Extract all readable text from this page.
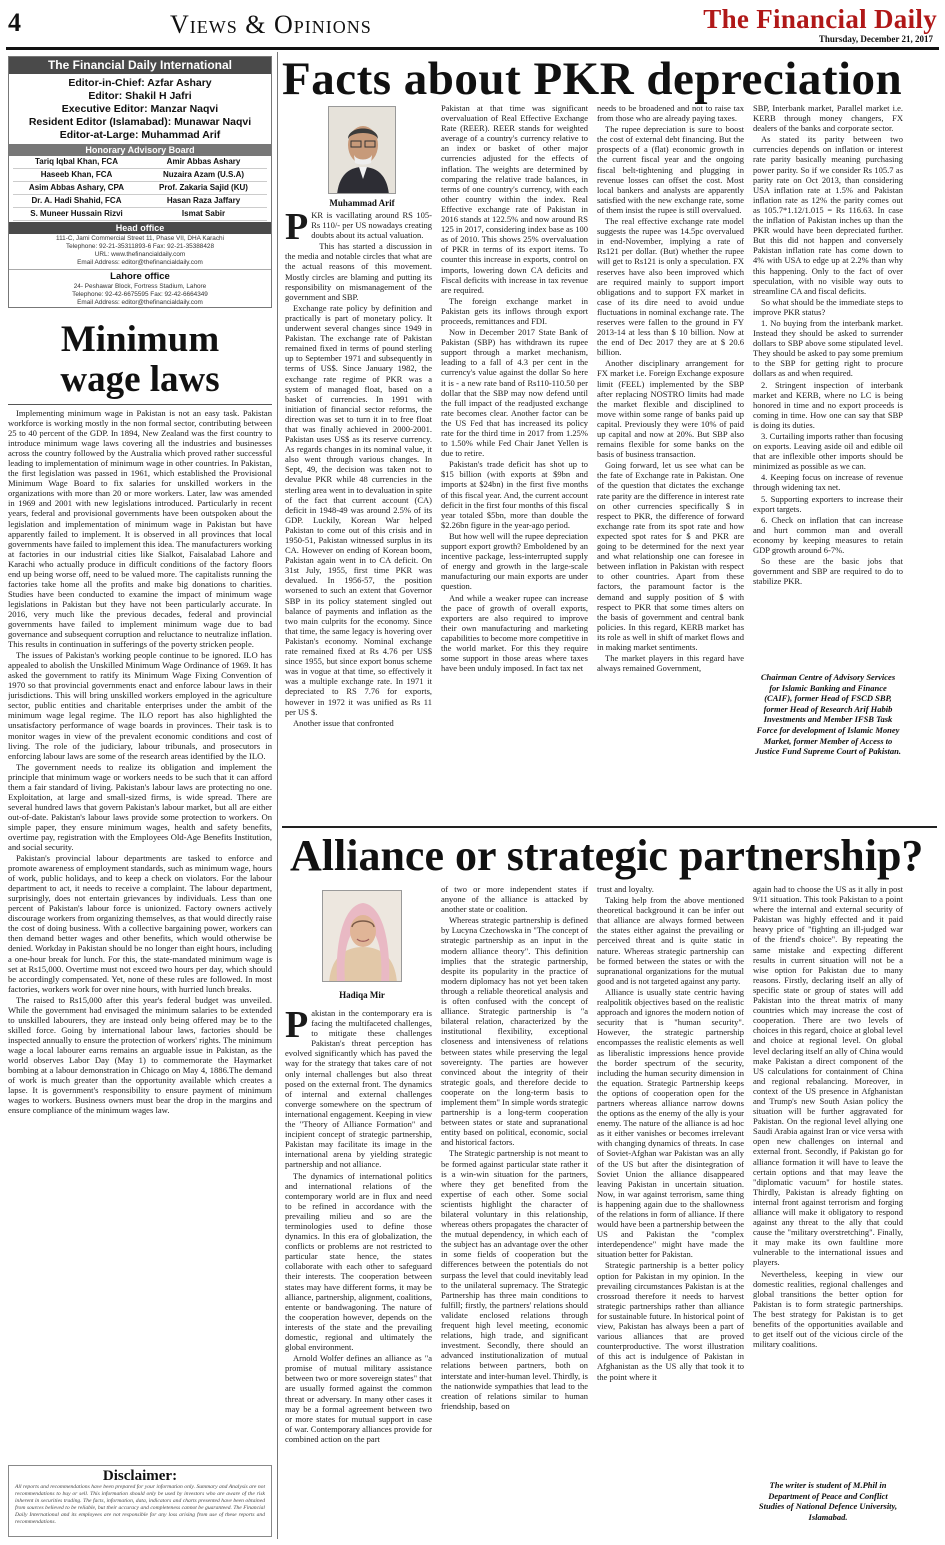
4	Views & Opinions	The Financial Daily
Thursday, December 21, 2017
The Financial Daily International
Editor-in-Chief: Azfar Ashary
Editor: Shakil H Jafri
Executive Editor: Manzar Naqvi
Resident Editor (Islamabad): Munawar Naqvi
Editor-at-Large: Muhammad Arif
Honorary Advisory Board
Tariq Iqbal Khan, FCA	Amir Abbas Ashary
Haseeb Khan, FCA	Nuzaira Azam (U.S.A)
Asim Abbas Ashary, CPA	Prof. Zakaria Sajid (KU)
Dr. A. Hadi Shahid, FCA	Hasan Raza Jaffary
S. Muneer Hussain Rizvi	Ismat Sabir
Head office
111-C, Jami Commercial Street 11, Phase VII, DHA Karachi
Telephone: 92-21-35311893-6 Fax: 92-21-35388428
URL: www.thefinancialdaily.com
Email Address: editor@thefinancialdaily.com
Lahore office
24- Peshawar Block, Fortress Stadium, Lahore
Telephone: 92-42-6675595 Fax: 92-42-6664349
Email Address: editor@thefinancialdaily.com
Minimum
wage laws

Implementing minimum wage in Pakistan is not an easy task. Pakistan workforce is working mostly in the non formal sector, contributing between 25 to 40 percent of the GDP. In 1894, New Zealand was the first country to introduce minimum wage laws covering all the industries and businesses across the country followed by the Australia which proved rather successful leading to implementation of minimum wage in other countries. In Pakistan, the first legislation was passed in 1961, which established the Provisional Minimum Wage Board to fix salaries for unskilled workers in the organizations with more than 20 or more workers. Later, law was amended in 1969 and 2001 with new legislations introduced. Particularly in recent years, federal and provisional governments have been outspoken about the legislation and implementation of minimum wage in Pakistan but have apparently failed to implement. It is observed in all provinces that local governments have failed to implement this idea. The manufacturers working at factories in our industrial cities like Sialkot, Faisalabad Lahore and Karachi who actually produce in difficult conditions of the factory floors end up being worse off, need to be valued more. The capitalists running the factories take home all the profits and make big donations to charities. Studies have been conducted to examine the impact of minimum wage legislations in Pakistan but they have not been particularly accurate. In 2016, very much like the previous decades, federal and provincial governments have failed to implement minimum wage due to bad governance and subsequent corruption and reluctance to neutralize inflation. This results in continuation in sufferings of the poverty stricken people.

The issues of Pakistan's working people continue to be ignored. ILO has appealed to abolish the Unskilled Minimum Wage Ordinance of 1969. It has asked the government to ratify its Minimum Wage Fixing Convention of 1970 so that provincial governments enact and enforce labour laws in their jurisdictions. This will bring unskilled workers employed in the agriculture sector, public entities and charitable enterprises under the ambit of the minimum wage legal regime. The ILO report has also highlighted the unsatisfactory performance of wage boards in provinces. Their task is to monitor wages in view of the prevalent economic conditions and cost of living. The role of the judiciary, labour tribunals, and prosecutors in enforcing labour laws are some of the research areas identified by the ILO.

The government needs to realize its obligation and implement the principle that minimum wage or workers needs to be such that it can afford them a fair standard of living. Pakistan's labour laws are protecting no one. Exploitation, at large and small-sized firms, is wide spread. There are several hundred laws that govern Pakistan's labour market, but all are either out-of-date. Pakistan's labour laws provide some protection to workers. On simple paper, they ensure minimum wages, health and safety benefits, overtime pay, registration with the Employees Old-Age Benefits Institution, and social security.

Pakistan's provincial labour departments are tasked to enforce and promote awareness of employment standards, such as minimum wage, hours of work, public holidays, and to keep a check on violators. For the labour department to act, it needs to receive a complaint. The labour department, surprisingly, does not entertain grievances by individuals. Less than one percent of Pakistan's labour force is unionized. Factory owners actively discourage workers from organizing themselves, as that would directly raise the cost of doing business. With a collective bargaining power, workers can then demand better wages and other benefits, which would otherwise be denied. Workday in Pakistan should be no longer than eight hours, including a one-hour break for lunch. For this, the state-mandated minimum wage is set at Rs15,000. Overtime must not exceed two hours per day, which should be accordingly compensated. Yet, none of these rules are followed. In most factories, workers work for over nine hours, with hurried lunch breaks.

The raised to Rs15,000 after this year's federal budget was unveiled. While the government had envisaged the minimum salaries to be extended to unskilled labourers, they are instead only being offered may be to the skilled force. Going by international labour laws, factories should be inspected annually to ensure the protection of workers' rights. The minimum wage a local labourer earns remains an arguable issue in Pakistan, as the world observes Labor Day (May 1) to commemorate the Haymarket bombing at a labour demonstration in Chicago on May 4, 1886.The demand of work is much greater than the opportunity available which creates a lapse. It is government's responsibility to ensure payment of minimum wages to workers. Business owners must bear the drop in the margins and ensure compliance of the minimum wages law.

Disclaimer:
All reports and recommendations have been prepared for your information only. Summary and Analysis are not recommendations to buy or sell. This information should only be used by investors who are aware of the risk inherent in securities trading. The facts, information, data, indicators and charts presented have been obtained from sources believed to be reliable, but their accuracy and completeness cannot be guaranteed. The Financial Daily International and its employees are not responsible for any loss arising from use of these reports and recommendations.
Facts about PKR depreciation
Muhammad Arif

PKR is vacillating around RS 105-Rs 110/- per US nowadays creating doubts about its actual valuation.

This has started a discussion in the media and notable circles that what are the actual reasons of this movement. Mostly circles are blaming and putting its responsibility on mismanagement of the government and SBP.

Exchange rate policy by definition and practically is part of monetary policy. It underwent several changes since 1949 in Pakistan. The exchange rate of Pakistan remained fixed in terms of pound sterling up to September 1971 and subsequently in terms of US$. Since January 1982, the exchange rate regime of PKR was a system of managed float, based on a basket of currencies. In 1991 with initiation of financial sector reforms, the direction was set to turn it in to free float that was finally achieved in 2000-2001. Pakistan uses US$ as its reserve currency. As regards changes in its nominal value, it also went through various changes. In Sept, 49, the decision was taken not to devalue PKR while 48 currencies in the sterling area went in to devaluation in spite of the fact that current account (CA) deficit in 1948-49 was around 2.5% of its GDP. Luckily, Korean War helped Pakistan to come out of this crisis and in 1950-51, Pakistan witnessed surplus in its CA. However on ending of Korean boom, Pakistan again went in to CA deficit. On 31st July, 1955, first time PKR was devalued. In 1956-57, the position worsened to such an extent that Governor SBP in its policy statement singled out balance of payments and inflation as the two main culprits for the economy. Since that time, the same legacy is hovering over Pakistan's economy. Nominal exchange rate remained fixed at Rs 4.76 per US$ since 1955, but since export bonus scheme was in vogue at that time, so effectively it was a multiple exchange rate. In 1971 it depreciated to RS 7.76 for exports, however in 1972 it was unified as Rs 11 per US $.

Another issue that confronted

Pakistan at that time was significant overvaluation of Real Effective Exchange Rate (REER). REER stands for weighted average of a country's currency relative to an index or basket of other major currencies adjusted for the effects of inflation. The weights are determined by comparing the relative trade balances, in terms of one country's currency, with each other country within the index. Real Effective exchange rate of Pakistan in 2016 stands at 122.5% and now around RS 125 in 2017, considering index base as 100 as of 2010. This shows 25% overvaluation of PKR in terms of its export items. To counter this increase in exports, control on imports, lowering down CA deficits and Fiscal deficits with increase in tax revenue are required.

The foreign exchange market in Pakistan gets its inflows through export proceeds, remittances and FDI.

Now in December 2017 State Bank of Pakistan (SBP) has withdrawn its rupee support through a market mechanism, leading to a fall of 4.3 per cent in the currency's value against the dollar So here it is - a new rate band of Rs110-110.50 per dollar that the SBP may now defend until the full impact of the readjusted exchange rate becomes clear. Another factor can be the US Fed that has increased its policy rate for the third time in 2017 from 1.25% to 1.50% while Fed Chair Janet Yellen is due to retire.

Pakistan's trade deficit has shot up to $15 billion (with exports at $9bn and imports at $24bn) in the first five months of this fiscal year. And, the current account deficit in the first four months of this fiscal year totaled $5bn, more than double the $2.26bn figure in the year-ago period.

But how well will the rupee depreciation support export growth? Emboldened by an incentive package, less-interrupted supply of energy and growth in the large-scale manufacturing our main exports are under question.

And while a weaker rupee can increase the pace of growth of overall exports, exporters are also required to improve their own manufacturing and marketing capabilities to become more competitive in the world market. For this they require some support in those areas where taxes have been unduly imposed. In fact tax net

needs to be broadened and not to raise tax from those who are already paying taxes.

The rupee depreciation is sure to boost the cost of external debt financing. But the prospects of a (flat) economic growth in the current fiscal year and the ongoing fiscal belt-tightening and plugging in revenue losses can offset the cost. Most local bankers and analysts are apparently satisfied with the new exchange rate, some of them insist the rupee is still overvalued.

The real effective exchange rate model suggests the rupee was 14.5pc overvalued in end-November, implying a rate of Rs121 per dollar. (But) whether the rupee will get to Rs121 is only a speculation. FX reserves have also been improved which are required mainly to support import obligations and to support FX market in case of its dire need to avoid undue fluctuations in nominal exchange rate. The reserves were fallen to the ground in FY 2013-14 at less than $ 10 billion. Now at the end of Dec 2017 they are at $ 20.6 billion.

Another disciplinary arrangement for FX market i.e. Foreign Exchange exposure limit (FEEL) implemented by the SBP after replacing NOSTRO limits had made the market flexible and disciplined to move within some range of banks paid up capital. Previously they were 10% of paid up capital and now at 20%. But SBP also remains flexible for some banks on the basis of business transaction.

Going forward, let us see what can be the fate of Exchange rate in Pakistan. One of the question that dictates the exchange rate parity are the difference in interest rate on other currencies specifically $ in respect to PKR, the difference of forward exchange rate from its spot rate and how expected spot rates for $ and PKR are going to be determined for the next year and what relationship one can foresee in between inflation in Pakistan with respect to other countries. Apart from these factors, the paramount factor is the demand and supply position of $ with respect to PKR that some times alters on the basis of government and central bank policies. In this regard, KERB market has its role as well in shift of market flows and in making market sentiments.

The market players in this regard have always remained Government,

SBP, Interbank market, Parallel market i.e. KERB through money changers, FX dealers of the banks and corporate sector.

As stated its parity between two currencies depends on inflation or interest rate parity basically meaning purchasing power parity. So if we consider Rs 105.7 as parity rate on Oct 2013, than considering USA inflation rate at 1.5% and Pakistan inflation rate as 12% the parity comes out as 105.7*1.12/1.015 = Rs 116.63. In case the inflation of Pakistan inches up than the PKR would have been depreciated further. But this did not happen and conversely Pakistan inflation rate has come down to 4% with USA to edge up at 2.2% than why this happening. Only to the fact of over speculation, with no visible way outs to streamline CA and fiscal deficits.

So what should be the immediate steps to improve PKR status?

1. No buying from the interbank market. Instead they should be asked to surrender dollars to SBP above some stipulated level. They should be asked to pay some premium to the SBP for getting right to procure dollars as and when required.

2. Stringent inspection of interbank market and KERB, where no LC is being honored in time and no export proceeds is coming in time. How one can say that SBP is doing its duties.

3. Curtailing imports rather than focusing on exports. Leaving aside oil and edible oil that are inflexible other imports should be minimized as possible as we can.

4. Keeping focus on increase of revenue through widening tax net.

5. Supporting exporters to increase their export targets.

6. Check on inflation that can increase and hurt common man and overall economy by keeping measures to retain GDP growth around 6-7%.

So these are the basic jobs that government and SBP are required to do to stabilize PKR.

Chairman Centre of Advisory Services for Islamic Banking and Finance (CAIF), former Head of FSCD SBP, former Head of Research Arif Habib Investments and Member IFSB Task Force for development of Islamic Money Market, former Member of Access to Justice Fund Supreme Court of Pakistan.
Alliance or strategic partnership?
Hadiqa Mir

Pakistan in the contemporary era is facing the multifaceted challenges, to mitigate these challenges Pakistan's threat perception has evolved significantly which has paved the way for the strategy that takes care of not only internal challenges but also threat posed on the external front. The dynamics of internal and external challenges converge somewhere on the spectrum of international engagement. Keeping in view the "Theory of Alliance Formation" and incipient concept of strategic partnership, Pakistan may facilitate its image in the international arena by yielding strategic partnership and not alliance.

The dynamics of international politics and international relations of the contemporary world are in flux and need to be refined in accordance with the prevailing milieu and so are the terminologies used to define those dynamics. In this era of globalization, the conflicts or problems are not restricted to particular state hence, the states collaborate with each other to safeguard their interests. The cooperation between states may have different forms, it may be alliance, partnership, alignment, coalitions, entente or bandwagoning. The nature of the cooperation however, depends on the interests of the state and the prevailing domestic, regional and ultimately the global environment.

Arnold Wolfer defines an alliance as "a promise of mutual military assistance between two or more sovereign states" that are usually formed against the common threat or adversary. In many other cases it may be a formal agreement between two or more states for mutual support in case of war. Contemporary alliances provide for combined action on the part

of two or more independent states if anyone of the alliance is attacked by another state or coalition.

Whereas strategic partnership is defined by Lucyna Czechowska in "The concept of strategic partnership as an input in the modern alliance theory". This definition implies that the strategic partnership, despite its popularity in the practice of modern diplomacy has not yet been taken through a reliable theoretical analysis and is often confused with the concept of alliance. Strategic partnership is "a bilateral relation, characterized by the institutional flexibility, exceptional closeness and intensiveness of relations between states while preserving the legal sovereignty. The parties are however convinced about the integrity of their strategic goals, and therefore decide to cooperate on the long-term basis to implement them" In simple words strategic partnership is a long-term cooperation between states or state and supranational entity based on political, economic, social and historical factors.

The Strategic partnership is not meant to be formed against particular state rather it is a win-win situation for the partners, where they get benefited from the expertise of each other. Some social scientists highlight the character of bilateral voluntary in this relationship, whereas others propagates the character of the mutual dependency, in which each of the subject has an advantage over the other in some fields of cooperation but the differences between the potentials do not surpass the level that could inevitably lead to the unilateral supremacy. The Strategic Partnership has three main conditions to fulfill; firstly, the partners' relations should validate enclosed relations through frequent high level meeting, economic relations, high trade, and significant investment. Secondly, there should an advanced institutionalization of mutual relations between partners, both on interstate and inter-human level. Thirdly, is the nationwide sympathies that lead to the creation of relations similar to human friendship, based on

trust and loyalty.

Taking help from the above mentioned theoretical background it can be infer out that alliance are always formed between the states either against the prevailing or perceived threat and is quite static in nature. Whereas strategic partnership can be formed between the states or with the supranational organizations for the mutual good and is not targeted against any party.

Alliance is usually state centric having realpolitik objectives based on the realistic approach and ignores the modern notion of security that is "human security". However, the strategic partnership encompasses the realistic elements as well as liberalistic impressions hence provide the border spectrum of the security, including the human security dimension in the equation. Strategic Partnership keeps the options of cooperation open for the partners whereas alliance narrow downs the options as the enemy of the ally is your enemy. The nature of the alliance is ad hoc as it either vanishes or becomes irrelevant with changing dynamics of threats. In case of Soviet-Afghan war Pakistan was an ally of the US but after the disintegration of Soviet Union the alliance disappeared leaving Pakistan in uncertain situation. Now, in war against terrorism, same thing is happening again due to the shallowness of the relations in form of alliance. If there would have been a partnership between the US and Pakistan the "complex interdependence" might have made the situation better for Pakistan.

Strategic partnership is a better policy option for Pakistan in my opinion. In the prevailing circumstances Pakistan is at the crossroad therefore it needs to harvest strategic partnerships rather than alliance for sustainable future. In historical point of view, Pakistan has always been a part of various alliances that are proved counterproductive. The worst illustration of this act is indulgence of Pakistan in Afghanistan as the US ally that took it to the point where it

again had to choose the US as it ally in post 9/11 situation. This took Pakistan to a point where the internal and external security of Pakistan was highly effected and it paid heavy price of "fighting an ill-judged war of the friend's choice". By repeating the same mistake and expecting different results in current situation will not be a wise option for Pakistan due to many reasons. Firstly, declaring itself an ally of specific state or group of states will add Pakistan into the threat matrix of many countries which may increase the cost of cooperation. There are two levels of choices in this regard, choice at global level and choice at regional level. On global level declaring itself an ally of China would make Pakistan a direct component of the US calculations for containment of China and regional rebalancing. Moreover, in context of the US presence in Afghanistan and Trump's new South Asian policy the situation will be further aggravated for Pakistan. On the regional level allying one Saudi Arabia against Iran or vice versa with open new challenges on internal and external front. Secondly, if Pakistan go for alliance formation it will have to leave the certain options and that may leave the "diplomatic vacuum" for hostile states. Thirdly, Pakistan is already fighting on internal front against terrorism and forging alliance will make it obligatory to respond against any threat to the ally that could cause the "military overstretching". Finally, it may make its own faultline more vulnerable to the international issues and players.

Nevertheless, keeping in view our domestic realities, regional challenges and global transitions the better option for Pakistan is to form strategic partnerships. The best strategy for Pakistan is to get benefits of the opportunities available and to get itself out of the vicious circle of the military coalitions.

The writer is student of M.Phil in Department of Peace and Conflict Studies of National Defence University, Islamabad.
